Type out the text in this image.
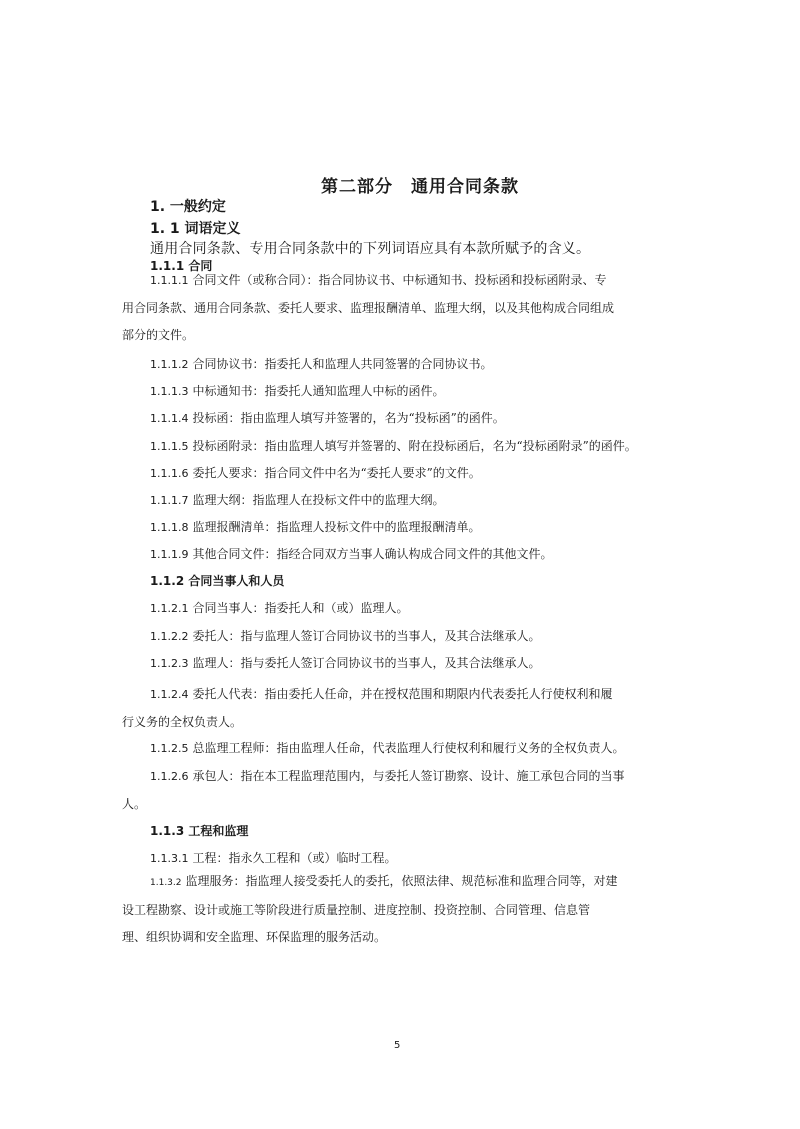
第二部分　通用合同条款
1. 一般约定
1. 1 词语定义
通用合同条款、专用合同条款中的下列词语应具有本款所赋予的含义。
1.1.1 合同
1.1.1.1 合同文件（或称合同）：指合同协议书、中标通知书、投标函和投标函附录、专
用合同条款、通用合同条款、委托人要求、监理报酬清单、监理大纲，以及其他构成合同组成
部分的文件。
1.1.1.2 合同协议书：指委托人和监理人共同签署的合同协议书。
1.1.1.3 中标通知书：指委托人通知监理人中标的函件。
1.1.1.4 投标函：指由监理人填写并签署的，名为“投标函”的函件。
1.1.1.5 投标函附录：指由监理人填写并签署的、附在投标函后，名为“投标函附录”的函件。
1.1.1.6 委托人要求：指合同文件中名为“委托人要求”的文件。
1.1.1.7 监理大纲：指监理人在投标文件中的监理大纲。
1.1.1.8 监理报酬清单：指监理人投标文件中的监理报酬清单。
1.1.1.9 其他合同文件：指经合同双方当事人确认构成合同文件的其他文件。
1.1.2 合同当事人和人员
1.1.2.1 合同当事人：指委托人和（或）监理人。
1.1.2.2 委托人：指与监理人签订合同协议书的当事人，及其合法继承人。
1.1.2.3 监理人：指与委托人签订合同协议书的当事人，及其合法继承人。
1.1.2.4 委托人代表：指由委托人任命，并在授权范围和期限内代表委托人行使权利和履
行义务的全权负责人。
1.1.2.5 总监理工程师：指由监理人任命，代表监理人行使权利和履行义务的全权负责人。
1.1.2.6 承包人：指在本工程监理范围内，与委托人签订勘察、设计、施工承包合同的当事
人。
1.1.3 工程和监理
1.1.3.1 工程：指永久工程和（或）临时工程。
1.1.3.2 监理服务：指监理人接受委托人的委托，依照法律、规范标准和监理合同等，对建
设工程勘察、设计或施工等阶段进行质量控制、进度控制、投资控制、合同管理、信息管
理、组织协调和安全监理、环保监理的服务活动。
5
